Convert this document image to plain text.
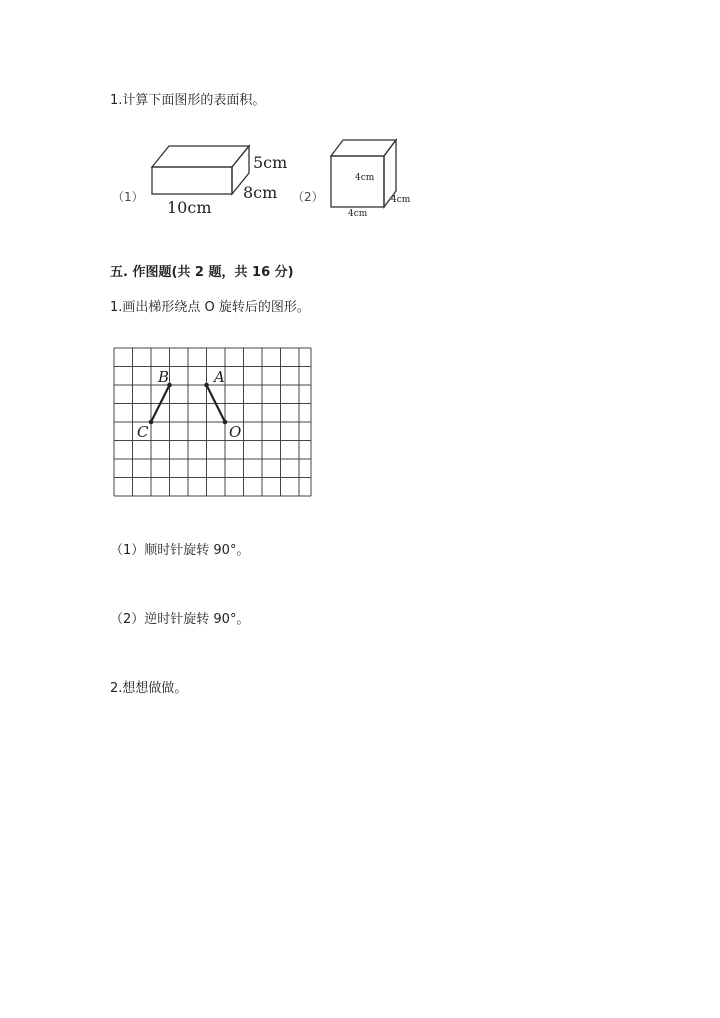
1.计算下面图形的表面积。
（1）
5cm
8cm
10cm
（2）
4cm
4cm
4cm
五. 作图题(共 2 题，共 16 分)
1.画出梯形绕点 O 旋转后的图形。
B	A
C	O
（1）顺时针旋转 90°。
（2）逆时针旋转 90°。
2.想想做做。
